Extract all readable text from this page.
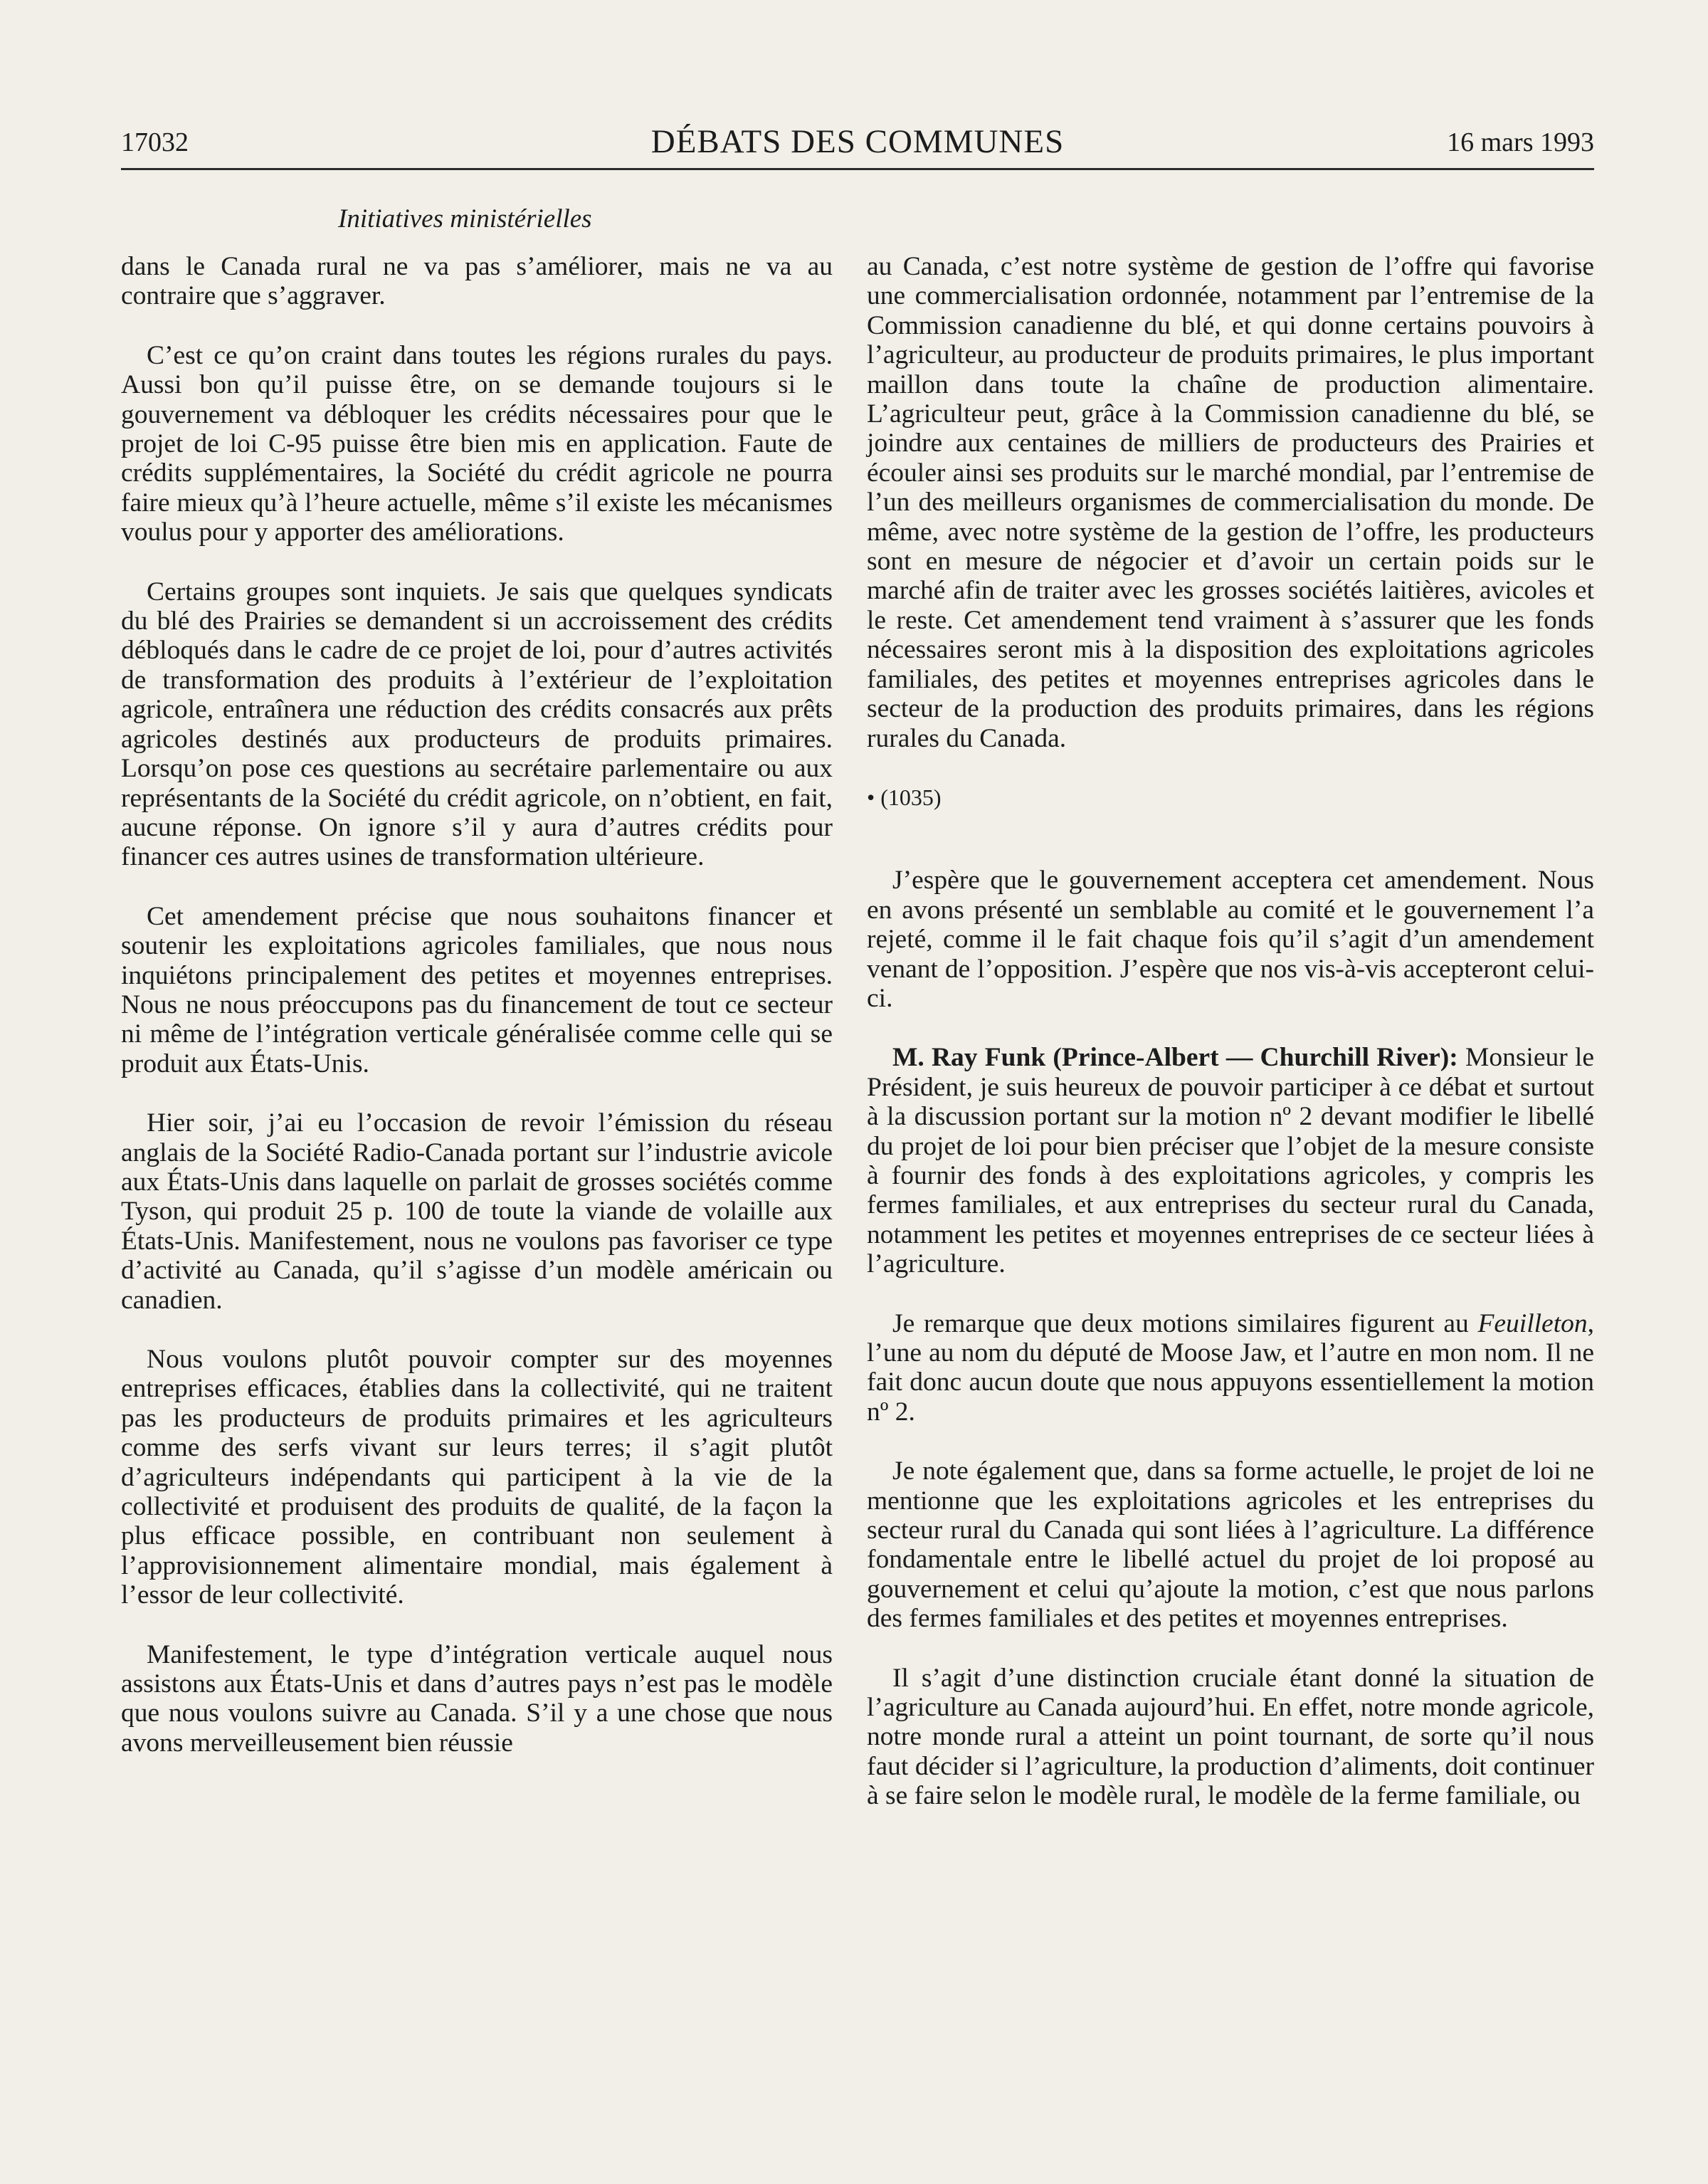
17032	DÉBATS DES COMMUNES	16 mars 1993
Initiatives ministérielles

dans le Canada rural ne va pas s’améliorer, mais ne va au contraire que s’aggraver.

C’est ce qu’on craint dans toutes les régions rurales du pays. Aussi bon qu’il puisse être, on se demande toujours si le gouvernement va débloquer les crédits nécessaires pour que le projet de loi C-95 puisse être bien mis en application. Faute de crédits supplémentaires, la Société du crédit agricole ne pourra faire mieux qu’à l’heure actuelle, même s’il existe les mécanismes voulus pour y apporter des améliorations.

Certains groupes sont inquiets. Je sais que quelques syndicats du blé des Prairies se demandent si un accroissement des crédits débloqués dans le cadre de ce projet de loi, pour d’autres activités de transformation des produits à l’extérieur de l’exploitation agricole, entraînera une réduction des crédits consacrés aux prêts agricoles destinés aux producteurs de produits primaires. Lorsqu’on pose ces questions au secrétaire parlementaire ou aux représentants de la Société du crédit agricole, on n’obtient, en fait, aucune réponse. On ignore s’il y aura d’autres crédits pour financer ces autres usines de transformation ultérieure.

Cet amendement précise que nous souhaitons financer et soutenir les exploitations agricoles familiales, que nous nous inquiétons principalement des petites et moyennes entreprises. Nous ne nous préoccupons pas du financement de tout ce secteur ni même de l’intégration verticale généralisée comme celle qui se produit aux États-Unis.

Hier soir, j’ai eu l’occasion de revoir l’émission du réseau anglais de la Société Radio-Canada portant sur l’industrie avicole aux États-Unis dans laquelle on parlait de grosses sociétés comme Tyson, qui produit 25 p. 100 de toute la viande de volaille aux États-Unis. Manifestement, nous ne voulons pas favoriser ce type d’activité au Canada, qu’il s’agisse d’un modèle américain ou canadien.

Nous voulons plutôt pouvoir compter sur des moyennes entreprises efficaces, établies dans la collectivité, qui ne traitent pas les producteurs de produits primaires et les agriculteurs comme des serfs vivant sur leurs terres; il s’agit plutôt d’agriculteurs indépendants qui participent à la vie de la collectivité et produisent des produits de qualité, de la façon la plus efficace possible, en contribuant non seulement à l’approvisionnement alimentaire mondial, mais également à l’essor de leur collectivité.

Manifestement, le type d’intégration verticale auquel nous assistons aux États-Unis et dans d’autres pays n’est pas le modèle que nous voulons suivre au Canada. S’il y a une chose que nous avons merveilleusement bien réussie

au Canada, c’est notre système de gestion de l’offre qui favorise une commercialisation ordonnée, notamment par l’entremise de la Commission canadienne du blé, et qui donne certains pouvoirs à l’agriculteur, au producteur de produits primaires, le plus important maillon dans toute la chaîne de production alimentaire. L’agriculteur peut, grâce à la Commission canadienne du blé, se joindre aux centaines de milliers de producteurs des Prairies et écouler ainsi ses produits sur le marché mondial, par l’entremise de l’un des meilleurs organismes de commercialisation du monde. De même, avec notre système de la gestion de l’offre, les producteurs sont en mesure de négocier et d’avoir un certain poids sur le marché afin de traiter avec les grosses sociétés laitières, avicoles et le reste. Cet amendement tend vraiment à s’assurer que les fonds nécessaires seront mis à la disposition des exploitations agricoles familiales, des petites et moyennes entreprises agricoles dans le secteur de la production des produits primaires, dans les régions rurales du Canada.

• (1035)

J’espère que le gouvernement acceptera cet amendement. Nous en avons présenté un semblable au comité et le gouvernement l’a rejeté, comme il le fait chaque fois qu’il s’agit d’un amendement venant de l’opposition. J’espère que nos vis-à-vis accepteront celui-ci.

M. Ray Funk (Prince-Albert — Churchill River): Monsieur le Président, je suis heureux de pouvoir participer à ce débat et surtout à la discussion portant sur la motion nº 2 devant modifier le libellé du projet de loi pour bien préciser que l’objet de la mesure consiste à fournir des fonds à des exploitations agricoles, y compris les fermes familiales, et aux entreprises du secteur rural du Canada, notamment les petites et moyennes entreprises de ce secteur liées à l’agriculture.

Je remarque que deux motions similaires figurent au Feuilleton, l’une au nom du député de Moose Jaw, et l’autre en mon nom. Il ne fait donc aucun doute que nous appuyons essentiellement la motion nº 2.

Je note également que, dans sa forme actuelle, le projet de loi ne mentionne que les exploitations agricoles et les entreprises du secteur rural du Canada qui sont liées à l’agriculture. La différence fondamentale entre le libellé actuel du projet de loi proposé au gouvernement et celui qu’ajoute la motion, c’est que nous parlons des fermes familiales et des petites et moyennes entreprises.

Il s’agit d’une distinction cruciale étant donné la situation de l’agriculture au Canada aujourd’hui. En effet, notre monde agricole, notre monde rural a atteint un point tournant, de sorte qu’il nous faut décider si l’agriculture, la production d’aliments, doit continuer à se faire selon le modèle rural, le modèle de la ferme familiale, ou
